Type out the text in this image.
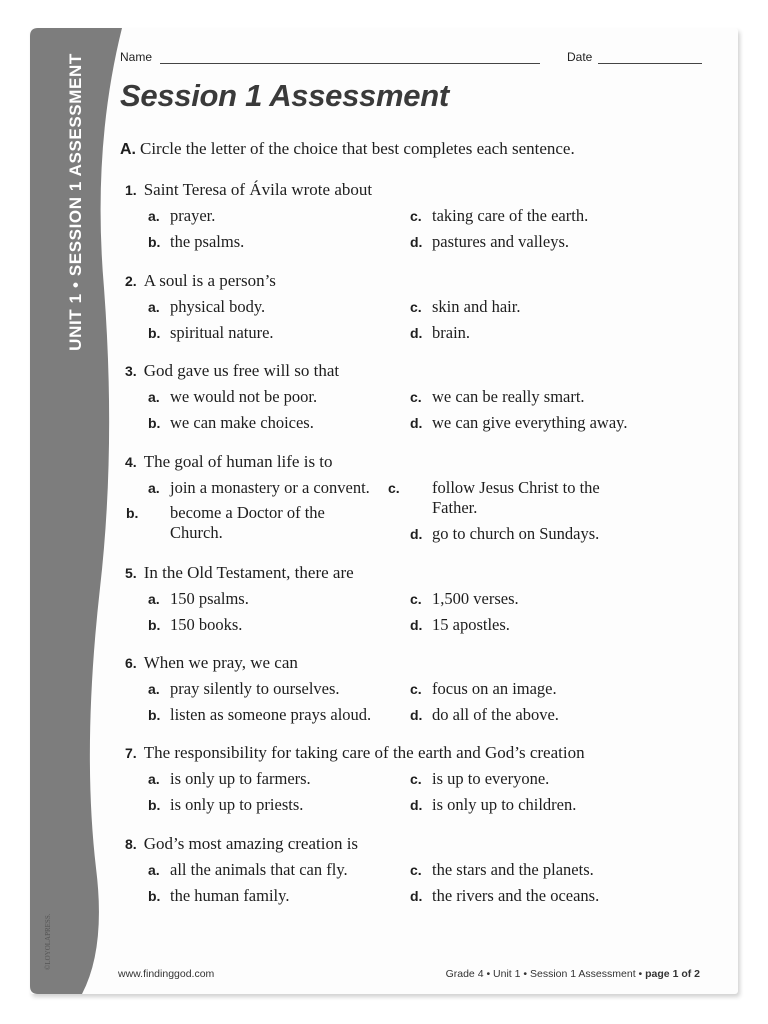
UNIT 1 • SESSION 1 ASSESSMENT
©LOYOLAPRESS.
Name	Date
Session 1 Assessment
A. Circle the letter of the choice that best completes each sentence.
1. Saint Teresa of Ávila wrote about
a. prayer.
b. the psalms.
c. taking care of the earth.
d. pastures and valleys.
2. A soul is a person’s
a. physical body.
b. spiritual nature.
c. skin and hair.
d. brain.
3. God gave us free will so that
a. we would not be poor.
b. we can make choices.
c. we can be really smart.
d. we can give everything away.
4. The goal of human life is to
a. join a monastery or a convent.
b. become a Doctor of the Church.
c. follow Jesus Christ to the Father.
d. go to church on Sundays.
5. In the Old Testament, there are
a. 150 psalms.
b. 150 books.
c. 1,500 verses.
d. 15 apostles.
6. When we pray, we can
a. pray silently to ourselves.
b. listen as someone prays aloud.
c. focus on an image.
d. do all of the above.
7. The responsibility for taking care of the earth and God’s creation
a. is only up to farmers.
b. is only up to priests.
c. is up to everyone.
d. is only up to children.
8. God’s most amazing creation is
a. all the animals that can fly.
b. the human family.
c. the stars and the planets.
d. the rivers and the oceans.
www.findinggod.com	Grade 4 • Unit 1 • Session 1 Assessment • page 1 of 2
